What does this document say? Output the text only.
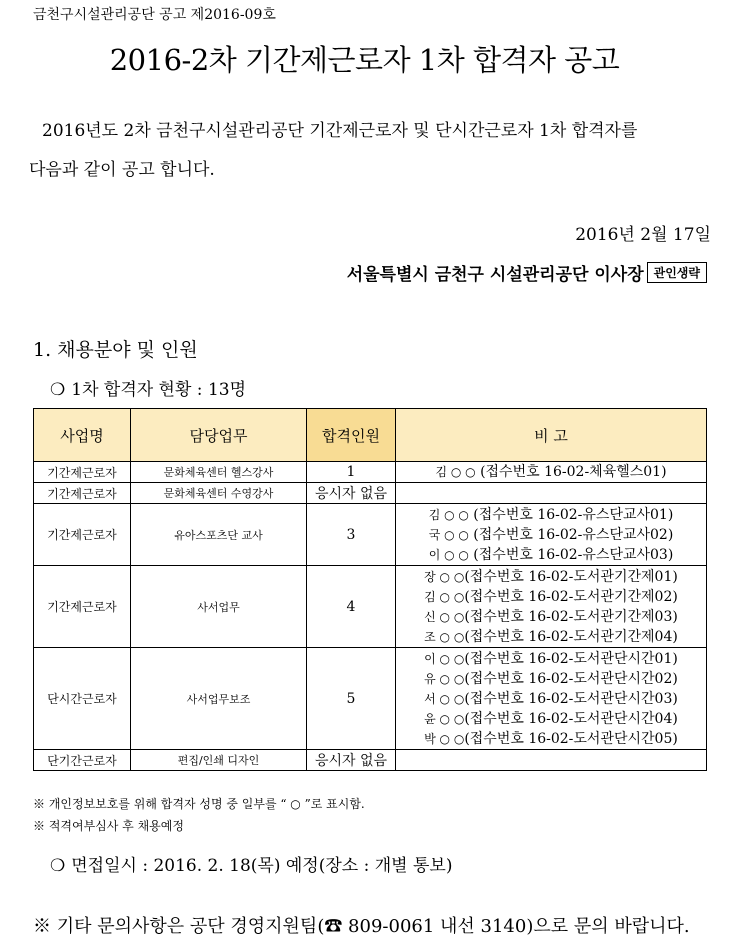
금천구시설관리공단 공고 제2016-09호
2016-2차 기간제근로자 1차 합격자 공고
2016년도 2차 금천구시설관리공단 기간제근로자 및 단시간근로자 1차 합격자를
다음과 같이 공고 합니다.
2016년 2월 17일
서울특별시 금천구 시설관리공단 이사장 관인생략
1. 채용분야 및 인원
❍ 1차 합격자 현황 : 13명
사업명	담당업무	합격인원	비 고
기간제근로자	문화체육센터 헬스강사	1	김 ○ ○ (접수번호 16-02-체육헬스01)

기간제근로자	문화체육센터 수영강사	응시자 없음	
기간제근로자	유아스포츠단 교사	3	김 ○ ○ (접수번호 16-02-유스단교사01)
국 ○ ○ (접수번호 16-02-유스단교사02)
이 ○ ○ (접수번호 16-02-유스단교사03)

기간제근로자	사서업무	4	장 ○ ○(접수번호 16-02-도서관기간제01)
김 ○ ○(접수번호 16-02-도서관기간제02)
신 ○ ○(접수번호 16-02-도서관기간제03)
조 ○ ○(접수번호 16-02-도서관기간제04)

단시간근로자	사서업무보조	5	이 ○ ○(접수번호 16-02-도서관단시간01)
유 ○ ○(접수번호 16-02-도서관단시간02)
서 ○ ○(접수번호 16-02-도서관단시간03)
윤 ○ ○(접수번호 16-02-도서관단시간04)
박 ○ ○(접수번호 16-02-도서관단시간05)

단기간근로자	편집/인쇄 디자인	응시자 없음	
※ 개인정보보호를 위해 합격자 성명 중 일부를 “ ○ ”로 표시함.
※ 적격여부심사 후 채용예정
❍ 면접일시 : 2016. 2. 18(목) 예정(장소 : 개별 통보)
※ 기타 문의사항은 공단 경영지원팀(☎ 809-0061 내선 3140)으로 문의 바랍니다.
